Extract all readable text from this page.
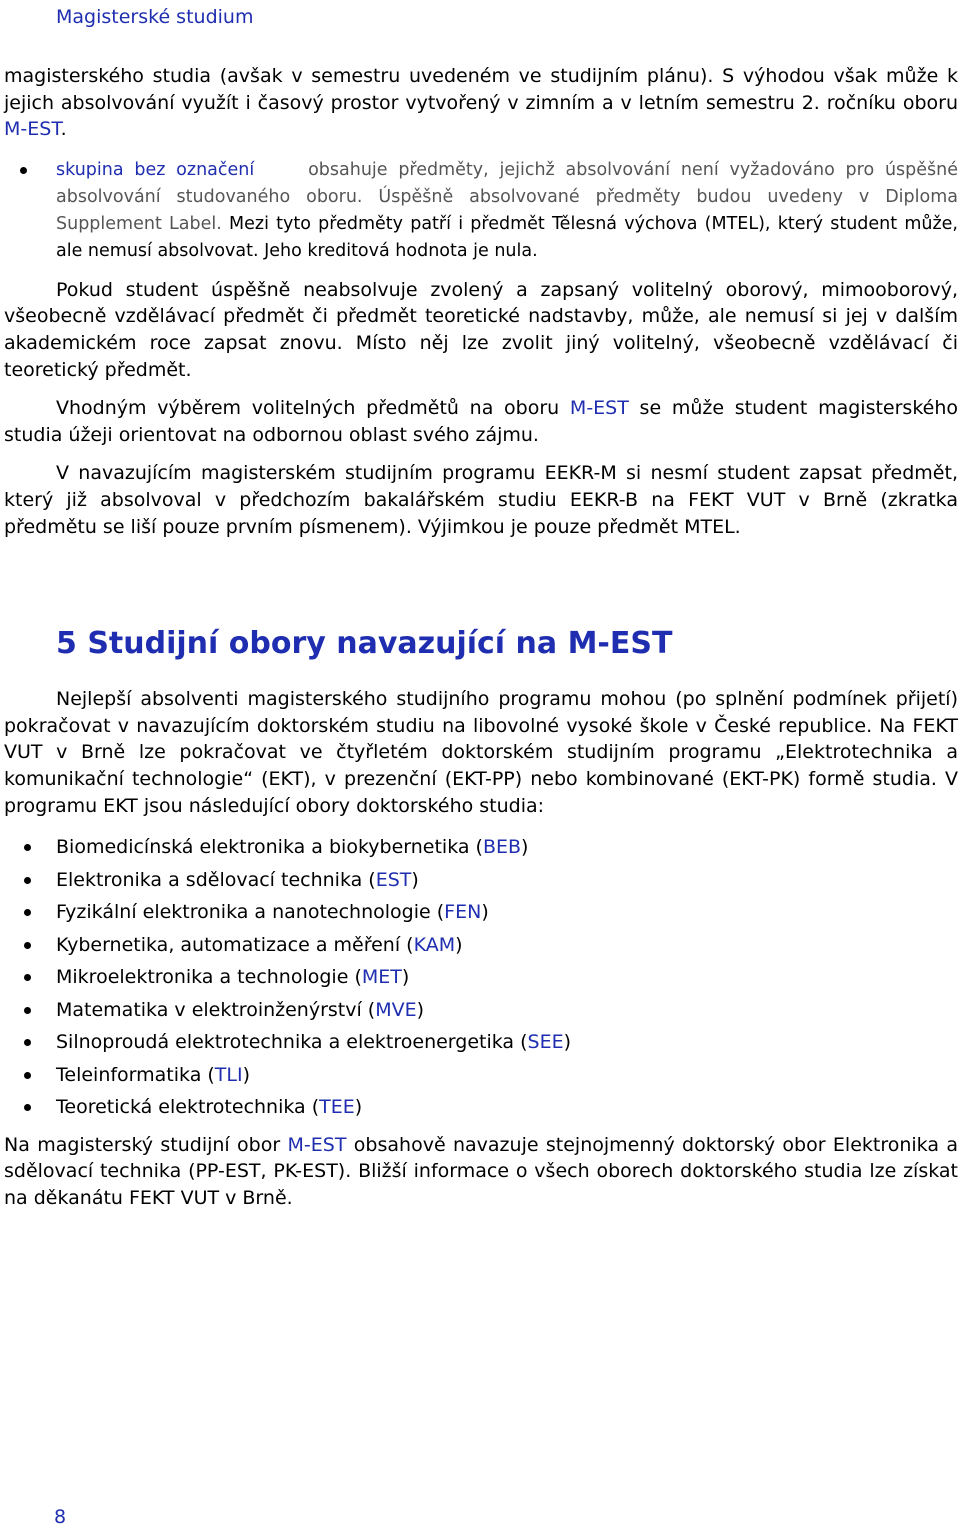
Magisterské studium

magisterského studia (avšak v semestru uvedeném ve studijním plánu). S výhodou však může k jejich absolvování využít i časový prostor vytvořený v zimním a v letním semestru 2. ročníku oboru M-EST.

skupina bez označení	obsahuje předměty, jejichž absolvování není vyžadováno pro úspěšné absolvování studovaného oboru. Úspěšně absolvované předměty budou uvedeny v Diploma Supplement Label. Mezi tyto předměty patří i předmět Tělesná výchova (MTEL), který student může, ale nemusí absolvovat. Jeho kreditová hodnota je nula.

Pokud student úspěšně neabsolvuje zvolený a zapsaný volitelný oborový, mimooborový, všeobecně vzdělávací předmět či předmět teoretické nadstavby, může, ale nemusí si jej v dalším akademickém roce zapsat znovu. Místo něj lze zvolit jiný volitelný, všeobecně vzdělávací či teoretický předmět.

Vhodným výběrem volitelných předmětů na oboru M-EST se může student magisterského studia úžeji orientovat na odbornou oblast svého zájmu.

V navazujícím magisterském studijním programu EEKR-M si nesmí student zapsat předmět, který již absolvoval v předchozím bakalářském studiu EEKR-B na FEKT VUT v Brně (zkratka předmětu se liší pouze prvním písmenem). Výjimkou je pouze předmět MTEL.

5 Studijní obory navazující na M-EST

Nejlepší absolventi magisterského studijního programu mohou (po splnění podmínek přijetí) pokračovat v navazujícím doktorském studiu na libovolné vysoké škole v České republice. Na FEKT VUT v Brně lze pokračovat ve čtyřletém doktorském studijním programu „Elektrotechnika a komunikační technologie“ (EKT), v prezenční (EKT-PP) nebo kombinované (EKT-PK) formě studia. V programu EKT jsou následující obory doktorského studia:

Biomedicínská elektronika a biokybernetika (BEB)
Elektronika a sdělovací technika (EST)
Fyzikální elektronika a nanotechnologie (FEN)
Kybernetika, automatizace a měření (KAM)
Mikroelektronika a technologie (MET)
Matematika v elektroinženýrství (MVE)
Silnoproudá elektrotechnika a elektroenergetika (SEE)
Teleinformatika (TLI)
Teoretická elektrotechnika (TEE)

Na magisterský studijní obor M-EST obsahově navazuje stejnojmenný doktorský obor Elektronika a sdělovací technika (PP-EST, PK-EST). Bližší informace o všech oborech doktorského studia lze získat na děkanátu FEKT VUT v Brně.

8
